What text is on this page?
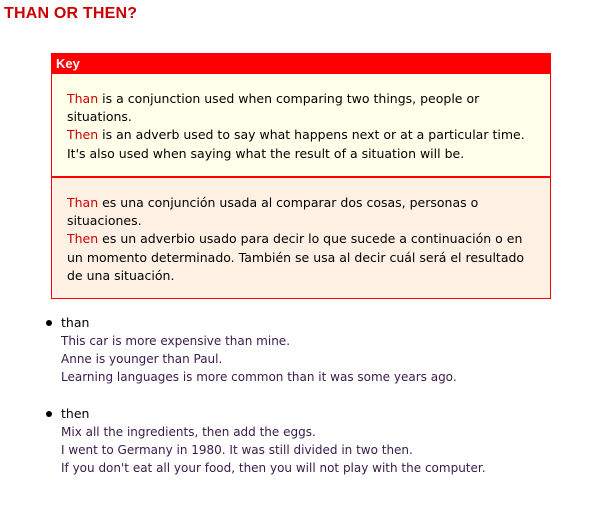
THAN OR THEN?
Key
Than is a conjunction used when comparing two things, people or situations.
Then is an adverb used to say what happens next or at a particular time. It's also used when saying what the result of a situation will be.
Than es una conjunción usada al comparar dos cosas, personas o situaciones.
Then es un adverbio usado para decir lo que sucede a continuación o en un momento determinado. También se usa al decir cuál será el resultado de una situación.
than
This car is more expensive than mine.
Anne is younger than Paul.
Learning languages is more common than it was some years ago.
then
Mix all the ingredients, then add the eggs.
I went to Germany in 1980. It was still divided in two then.
If you don't eat all your food, then you will not play with the computer.
